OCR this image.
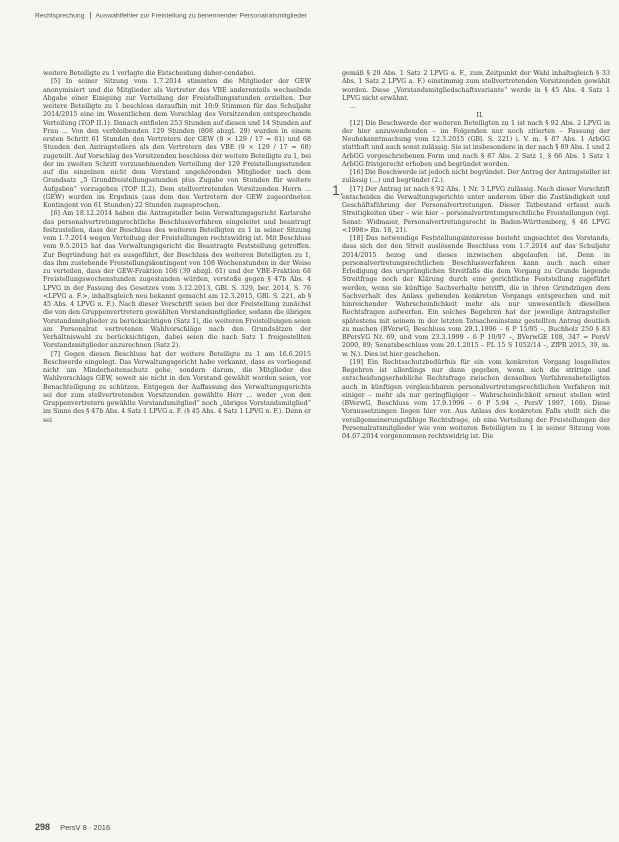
Rechtsprechung Auswahlfehler zur Freistellung zu benennender Personalratsmitglieder

weitere Beteiligte zu 1 verlagte die Entscheidung daher-cendabei.

[5] In seiner Sitzung vom 1.7.2014 stimmten die Mitglieder der GEW anonymisiert und die Mitglieder als Vertreter des VBE anderenteils wechselnde Abgabe einer Einigung zur Verteilung der Freistellungsstunden erzielten. Der weitere Beteiligte zu 1 beschloss daraufhin mit 10:9 Stimmen für das Schuljahr 2014/2015 eine im Wesentlichen dem Vorschlag des Vorsitzenden entsprechende Verteilung (TOP II.1). Danach entfielen 253 Stunden auf diesen und 14 Stunden auf Frau ... Von den verbleibenden 129 Stunden (808 abzgl. 29) wurden in einem ersten Schritt 61 Stunden den Vertretern der GEW (8 × 129 / 17 = 61) und 68 Stunden den Antragstellern als den Vertretern des VBE (9 × 129 / 17 = 68) zugeteilt. Auf Vorschlag des Vorsitzenden beschloss der weitere Beteiligte zu 1, bei der im zweiten Schritt vorzunehmenden Verteilung der 129 Freistellungsstunden auf die einzelnen nicht dem Vorstand angehörenden Mitglieder nach dem Grundsatz „5 Grundfreistellungsstunden plus Zugabe von Stunden für weitere Aufgaben“ vorzugehen (TOP II.2). Dem stellvertretenden Vorsitzenden Herrn ... (GEW) wurden im Ergebnis (aus dem den Vertretern der GEW zugeordneten Kontingent von 61 Stunden) 22 Stunden zugesprochen.

[6] Am 18.12.2014 haben die Antragsteller beim Verwaltungsgericht Karlsruhe das personalvertretungsrechtliche Beschlussverfahren eingeleitet und beantragt festzustellen, dass der Beschluss des weiteren Beteiligten zu 1 in seiner Sitzung vom 1.7.2014 wegen Verteilung der Freistellungen rechtswidrig ist. Mit Beschluss vom 9.5.2015 hat das Verwaltungsgericht die Beantragte Feststellung getroffen. Zur Begründung hat es ausgeführt, der Beschluss des weiteren Beteiligten zu 1, das ihm zustehende Freistellungskontingent von 108 Wochenstunden in der Weise zu verteilen, dass der GEW-Fraktion 108 (39 abzgl. 61) und der VBE-Fraktion 68 Freistellungswochenstunden zugestanden würden, verstoße gegen § 47b Abs. 4 LPVG in der Fassung des Gesetzes vom 3.12.2013, GBl. S. 329, ber. 2014, S. 76 <LPVG a. F.>, inhaltsgleich neu bekannt gemacht am 12.3.2015, GBl. S. 221, ab § 45 Abs. 4 LPVG n. F.). Nach dieser Vorschrift seien bei der Freistellung zunächst die von den Gruppenvertretern gewählten Vorstandsmitglieder, sodann die übrigen Vorstandsmitglieder zu berücksichtigen (Satz 1), die weiteren Freistellungen seien am Personalrat vertretenen Wahlvorschläge nach den Grundsätzen der Verhältniswahl zu berücksichtigen, dabei seien die nach Satz 1 freigestellten Vorstandsmitglieder anzurechnen (Satz 2).

[7] Gegen diesen Beschluss hat der weitere Beteiligte zu 1 am 16.6.2015 Beschwerde eingelegt. Das Verwaltungsgericht habe verkannt, dass es vorliegend nicht um Minderheitenschutz gehe, sondern darum, die Mitglieder des Wahlvorschlags GEW, soweit sie nicht in den Vorstand gewählt worden seien, vor Benachteiligung zu schützen. Entgegen der Auffassung des Verwaltungsgerichts sei der zum stellvertretenden Vorsitzenden gewählte Herr ... weder „von den Gruppenvertretern gewählte Vorstandsmitglied“ noch „übriges Vorstandsmitglied“ im Sinne des § 47b Abs. 4 Satz 1 LPVG a. F. (§ 45 Abs. 4 Satz 1 LPVG n. F.). Denn er sei

gemäß § 29 Abs. 1 Satz 2 LPVG a. F., zum Zeitpunkt der Wahl inhaltsgleich § 33 Abs. 1 Satz 2 LPVG a. F.) einstimmig zum stellvertretenden Vorsitzenden gewählt worden. Diese „Vorstandsmitgliedschaftsvariante“ werde in § 45 Abs. 4 Satz 1 LPVG nicht erwähnt.

...

II.

[12] Die Beschwerde der weiteren Beteiligten zu 1 ist nach § 92 Abs. 2 LPVG in der hier anzuwendenden – im Folgenden nur noch zitierten – Fassung der Neubekanntmachung vom 12.3.2015 (GBl. S. 221) i. V. m. § 87 Abs. 1 ArbGG statthaft und auch sonst zulässig. Sie ist insbesondere in der nach § 89 Abs. 1 und 2 ArbGG vorgeschriebenen Form und nach § 87 Abs. 2 Satz 1, § 66 Abs. 1 Satz 1 ArbGG fristgerecht erhoben und begründet worden.

[16] Die Beschwerde ist jedoch nicht begründet. Der Antrag der Antragsteller ist zulässig (...) und begründet (2.).

1. [17] Der Antrag ist nach § 92 Abs. 1 Nr. 3 LPVG zulässig. Nach dieser Vorschrift entscheiden die Verwaltungsgerichte unter anderem über die Zuständigkeit und Geschäftsführung der Personalvertretungen. Dieser Tatbestand erfasst auch Streitigkeiten über – wie hier – personalvertretungsrechtliche Freistellungen (vgl. Senat: Widmaier, Personalvertretungsrecht in Baden-Württemberg, § 46 LPVG <1998> Rn. 18, 21).

[18] Das notwendige Feststellungsinteresse besteht ungeachtet des Vorstands, dass sich der den Streit auslösende Beschluss vom 1.7.2014 auf das Schuljahr 2014/2015 bezog und dieses inzwischen abgelaufen ist. Denn in personalvertretungsrechtlichen Beschlussverfahren kann auch nach einer Erledigung des ursprünglichen Streitfalls die dem Vorgang zu Grunde liegende Streitfrage noch der Klärung durch eine gerichtliche Feststellung zugeführt werden, wenn sie künftige Sachverhalte betrifft, die in ihren Grundzügen dem Sachverhalt des Anlass gebenden konkreten Vorgangs entsprechen und mit hinreichender Wahrscheinlichkeit mehr als nur unwesentlich dieselben Rechtsfragen aufwerfen. Ein solches Begehren hat der jeweilige Antragsteller spätestens mit seinem in der letzten Tatsacheninstanz gestellten Antrag deutlich zu machen (BVerwG, Beschluss vom 29.1.1996 – 6 P 15/95 –, Buchholz 250 § 83 BPersVG Nr. 69, und vom 23.3.1999 – 6 P 10/97 –, BVerwGE 108, 347 = PersV 2000, 89; Senatsbeschluss vom 20.1.2015 – PL 15 S 1052/14 –, ZfPR 2015, 39, m. w. N.). Dies ist hier geschehen.

[19] Ein Rechtsschutzbedürfnis für ein vom konkreten Vorgang losgelöstes Begehren ist allerdings nur dann gegeben, wenn sich die strittige und entscheidungserhebliche Rechtsfrage zwischen denselben Verfahrensbeteiligten auch in künftigen vergleichbaren personalvertretungsrechtlichen Verfahren mit einiger – mehr als nur geringfügiger – Wahrscheinlichkeit erneut stellen wird (BVerwG, Beschluss vom 17.9.1996 – 6 P 5.94 –, PersV 1997, 169). Diese Voraussetzungen liegen hier vor. Aus Anlass des konkreten Falls stellt sich die verallgemeinerungsfähige Rechtsfrage, ob eine Verteilung der Freistellungen der Personalratsmitglieder wie vom weiteren Beteiligten zu 1 in seiner Sitzung vom 04.07.2014 vorgenommen rechtswidrig ist. Die

298 PersV 8 · 2016
